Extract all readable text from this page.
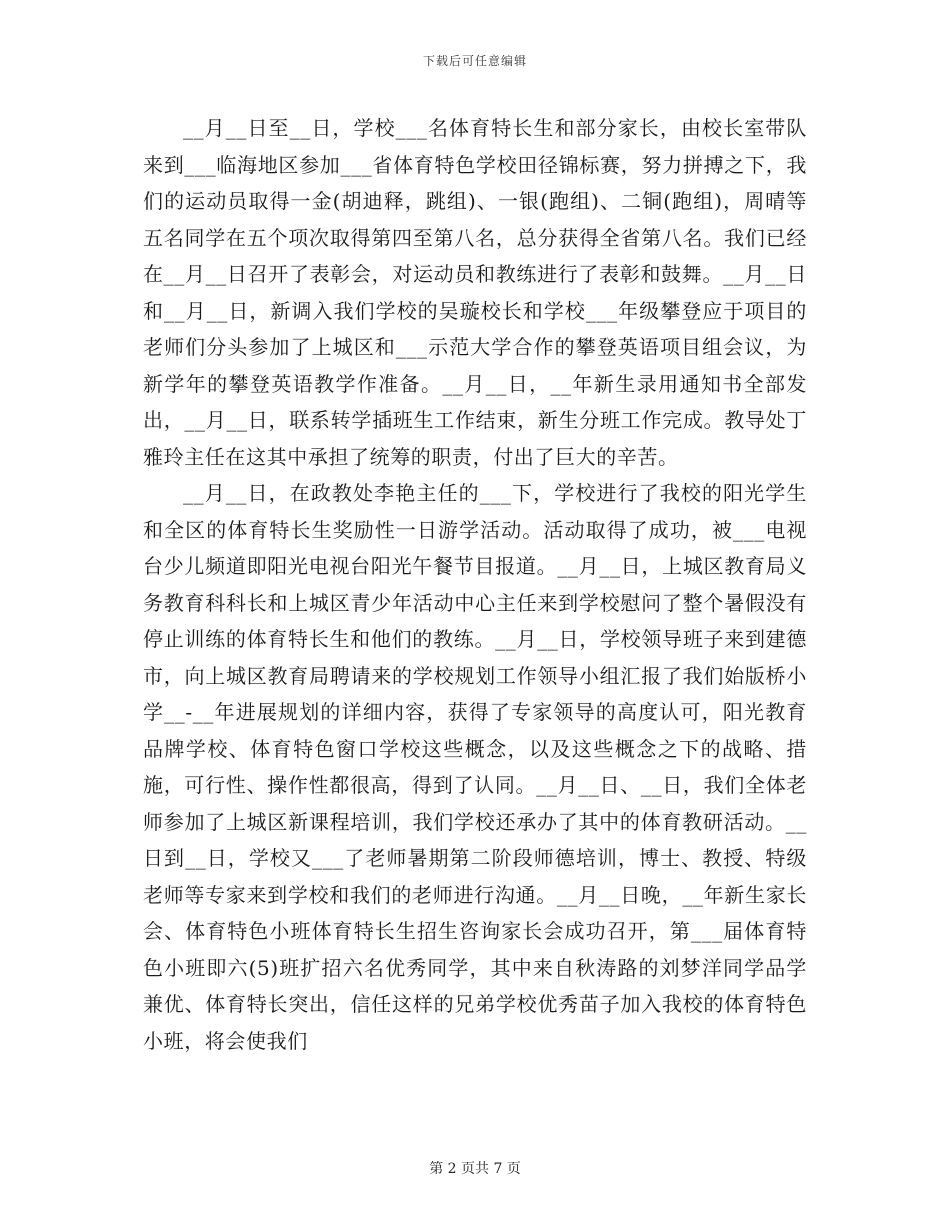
下载后可任意编辑

__月__日至__日，学校___名体育特长生和部分家长，由校长室带队来到___临海地区参加___省体育特色学校田径锦标赛，努力拼搏之下，我们的运动员取得一金(胡迪释，跳组)、一银(跑组)、二铜(跑组)，周晴等五名同学在五个项次取得第四至第八名，总分获得全省第八名。我们已经在__月__日召开了表彰会，对运动员和教练进行了表彰和鼓舞。__月__日和__月__日，新调入我们学校的吴璇校长和学校___年级攀登应于项目的老师们分头参加了上城区和___示范大学合作的攀登英语项目组会议，为新学年的攀登英语教学作准备。__月__日，__年新生录用通知书全部发出，__月__日，联系转学插班生工作结束，新生分班工作完成。教导处丁雅玲主任在这其中承担了统筹的职责，付出了巨大的辛苦。

__月__日，在政教处李艳主任的___下，学校进行了我校的阳光学生和全区的体育特长生奖励性一日游学活动。活动取得了成功，被___电视台少儿频道即阳光电视台阳光午餐节目报道。__月__日，上城区教育局义务教育科科长和上城区青少年活动中心主任来到学校慰问了整个暑假没有停止训练的体育特长生和他们的教练。__月__日，学校领导班子来到建德市，向上城区教育局聘请来的学校规划工作领导小组汇报了我们始版桥小学__-__年进展规划的详细内容，获得了专家领导的高度认可，阳光教育品牌学校、体育特色窗口学校这些概念，以及这些概念之下的战略、措施，可行性、操作性都很高，得到了认同。__月__日、__日，我们全体老师参加了上城区新课程培训，我们学校还承办了其中的体育教研活动。__日到__日，学校又___了老师暑期第二阶段师德培训，博士、教授、特级老师等专家来到学校和我们的老师进行沟通。__月__日晚，__年新生家长会、体育特色小班体育特长生招生咨询家长会成功召开，第___届体育特色小班即六(5)班扩招六名优秀同学，其中来自秋涛路的刘梦洋同学品学兼优、体育特长突出，信任这样的兄弟学校优秀苗子加入我校的体育特色小班，将会使我们

第 2 页共 7 页
